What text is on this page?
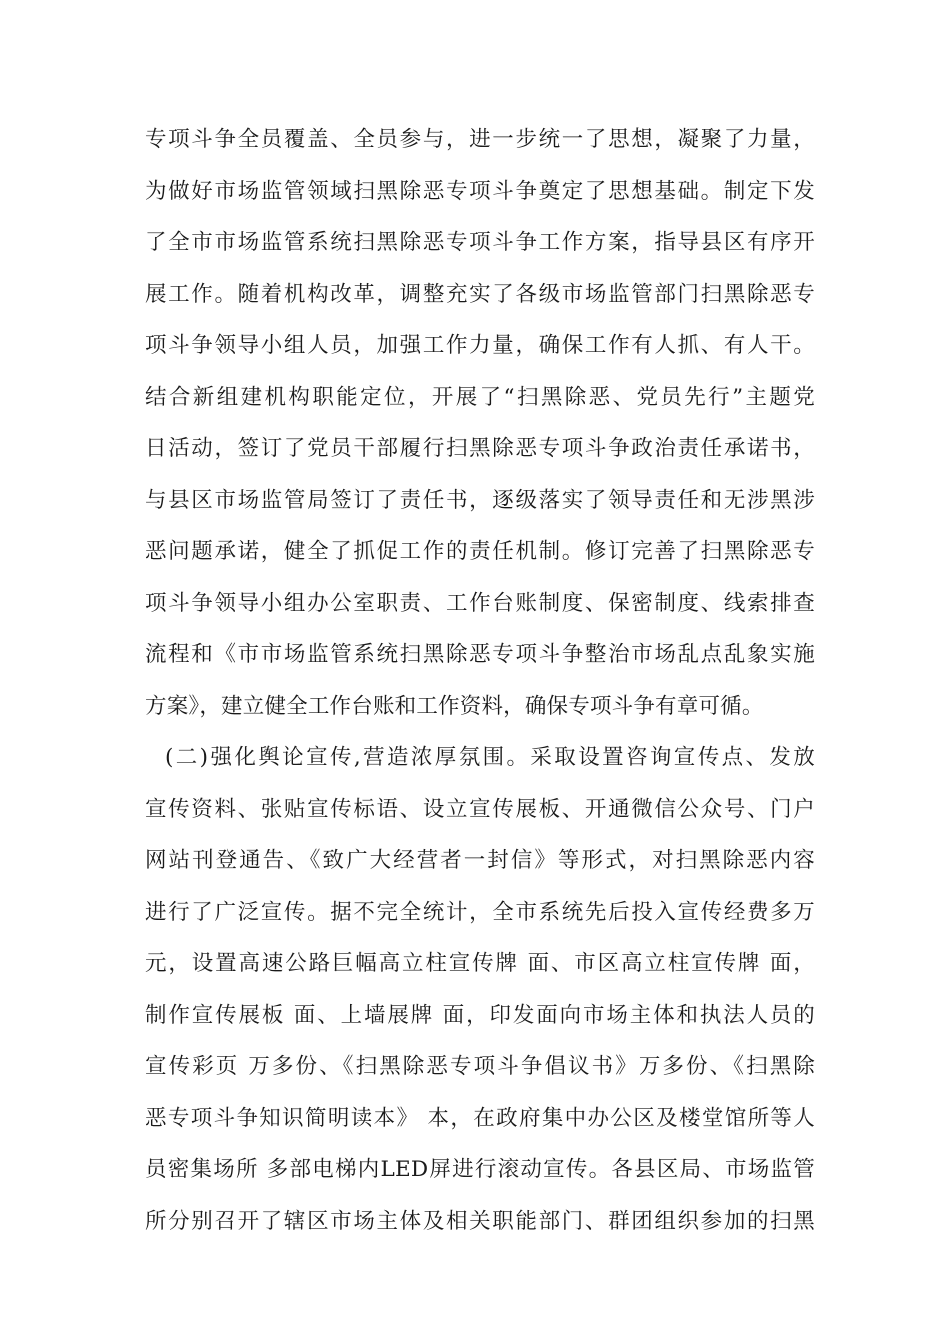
专项斗争全员覆盖、全员参与，进一步统一了思想，凝聚了力量，
为做好市场监管领域扫黑除恶专项斗争奠定了思想基础。制定下发
了全市市场监管系统扫黑除恶专项斗争工作方案，指导县区有序开
展工作。随着机构改革，调整充实了各级市场监管部门扫黑除恶专
项斗争领导小组人员，加强工作力量，确保工作有人抓、有人干。
结合新组建机构职能定位，开展了“扫黑除恶、党员先行”主题党
日活动，签订了党员干部履行扫黑除恶专项斗争政治责任承诺书，
与县区市场监管局签订了责任书，逐级落实了领导责任和无涉黑涉
恶问题承诺，健全了抓促工作的责任机制。修订完善了扫黑除恶专
项斗争领导小组办公室职责、工作台账制度、保密制度、线索排查
流程和《市市场监管系统扫黑除恶专项斗争整治市场乱点乱象实施
方案》，建立健全工作台账和工作资料，确保专项斗争有章可循。
(二)强化舆论宣传,营造浓厚氛围。采取设置咨询宣传点、发放
宣传资料、张贴宣传标语、设立宣传展板、开通微信公众号、门户
网站刊登通告、《致广大经营者一封信》等形式，对扫黑除恶内容
进行了广泛宣传。据不完全统计，全市系统先后投入宣传经费多万
元，设置高速公路巨幅高立柱宣传牌 面、市区高立柱宣传牌 面，
制作宣传展板 面、上墙展牌 面，印发面向市场主体和执法人员的
宣传彩页 万多份、《扫黑除恶专项斗争倡议书》万多份、《扫黑除
恶专项斗争知识简明读本》 本，在政府集中办公区及楼堂馆所等人
员密集场所 多部电梯内LED屏进行滚动宣传。各县区局、市场监管
所分别召开了辖区市场主体及相关职能部门、群团组织参加的扫黑
